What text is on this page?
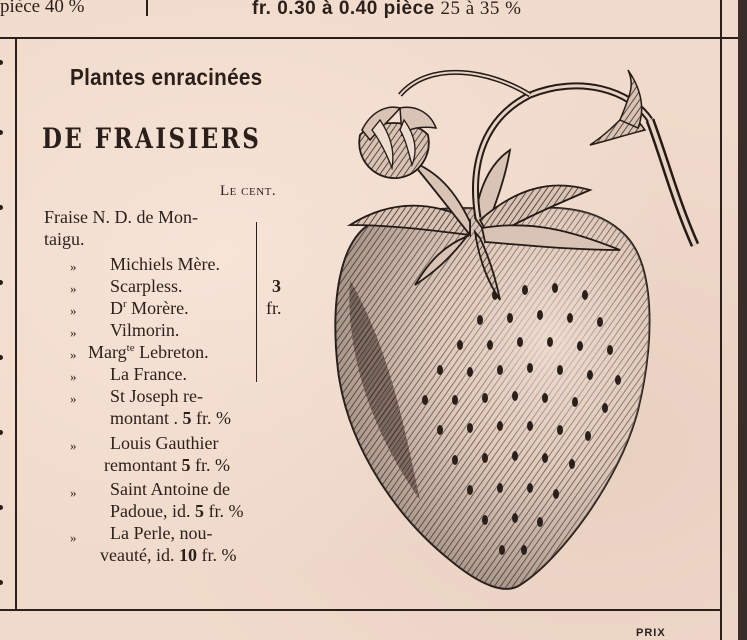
pièce 40 %	fr. 0.30 à 0.40 pièce 25 à 35 %
Plantes enracinées
DE FRAISIERS
Le cent.
Fraise N. D. de Mon-
taigu.
» Michiels Mère.
» Scarpless.
» $D^r$ Morère.
» Vilmorin.
» Marg$^{te}$ Lebreton.
» La France.
3
fr.
» St Joseph re-
montant . 5 fr. %
» Louis Gauthier
remontant 5 fr. %
» Saint Antoine de
Padoue, id. 5 fr. %
» La Perle, nou-
veauté, id. 10 fr. %
PRIX
